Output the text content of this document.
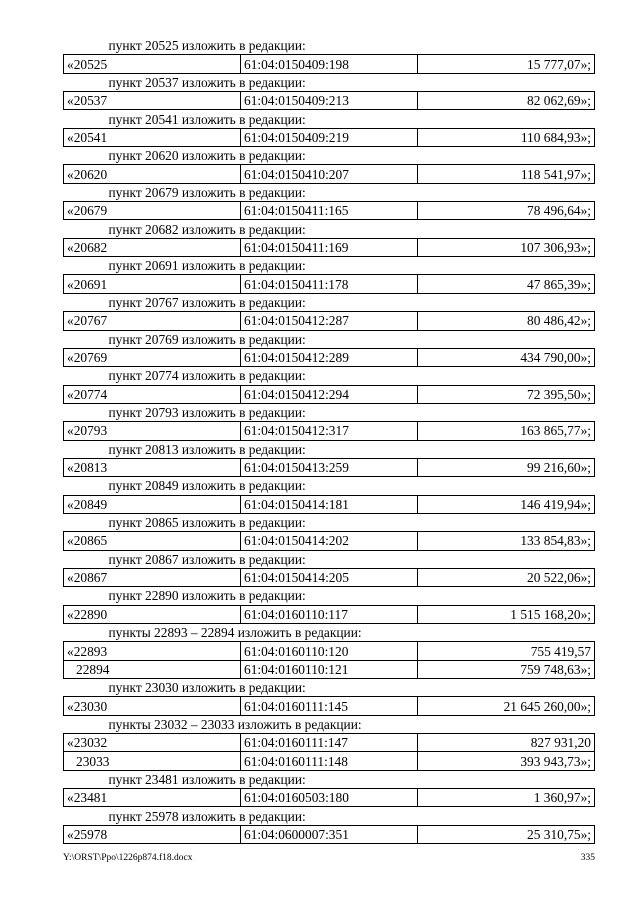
пункт 20525 изложить в редакции:		
«20525	61:04:0150409:198	15 777,07»;
пункт 20537 изложить в редакции:		
«20537	61:04:0150409:213	82 062,69»;
пункт 20541 изложить в редакции:		
«20541	61:04:0150409:219	110 684,93»;
пункт 20620 изложить в редакции:		
«20620	61:04:0150410:207	118 541,97»;
пункт 20679 изложить в редакции:		
«20679	61:04:0150411:165	78 496,64»;
пункт 20682 изложить в редакции:		
«20682	61:04:0150411:169	107 306,93»;
пункт 20691 изложить в редакции:		
«20691	61:04:0150411:178	47 865,39»;
пункт 20767 изложить в редакции:		
«20767	61:04:0150412:287	80 486,42»;
пункт 20769 изложить в редакции:		
«20769	61:04:0150412:289	434 790,00»;
пункт 20774 изложить в редакции:		
«20774	61:04:0150412:294	72 395,50»;
пункт 20793 изложить в редакции:		
«20793	61:04:0150412:317	163 865,77»;
пункт 20813 изложить в редакции:		
«20813	61:04:0150413:259	99 216,60»;
пункт 20849 изложить в редакции:		
«20849	61:04:0150414:181	146 419,94»;
пункт 20865 изложить в редакции:		
«20865	61:04:0150414:202	133 854,83»;
пункт 20867 изложить в редакции:		
«20867	61:04:0150414:205	20 522,06»;
пункт 22890 изложить в редакции:		
«22890	61:04:0160110:117	1 515 168,20»;
пункты 22893 – 22894 изложить в редакции:		
«22893	61:04:0160110:120	755 419,57
22894	61:04:0160110:121	759 748,63»;
пункт 23030 изложить в редакции:		
«23030	61:04:0160111:145	21 645 260,00»;
пункты 23032 – 23033 изложить в редакции:		
«23032	61:04:0160111:147	827 931,20
23033	61:04:0160111:148	393 943,73»;
пункт 23481 изложить в редакции:		
«23481	61:04:0160503:180	1 360,97»;
пункт 25978 изложить в редакции:		
«25978	61:04:0600007:351	25 310,75»;
Y:\ORST\Ppo\1226p874.f18.docx	335
